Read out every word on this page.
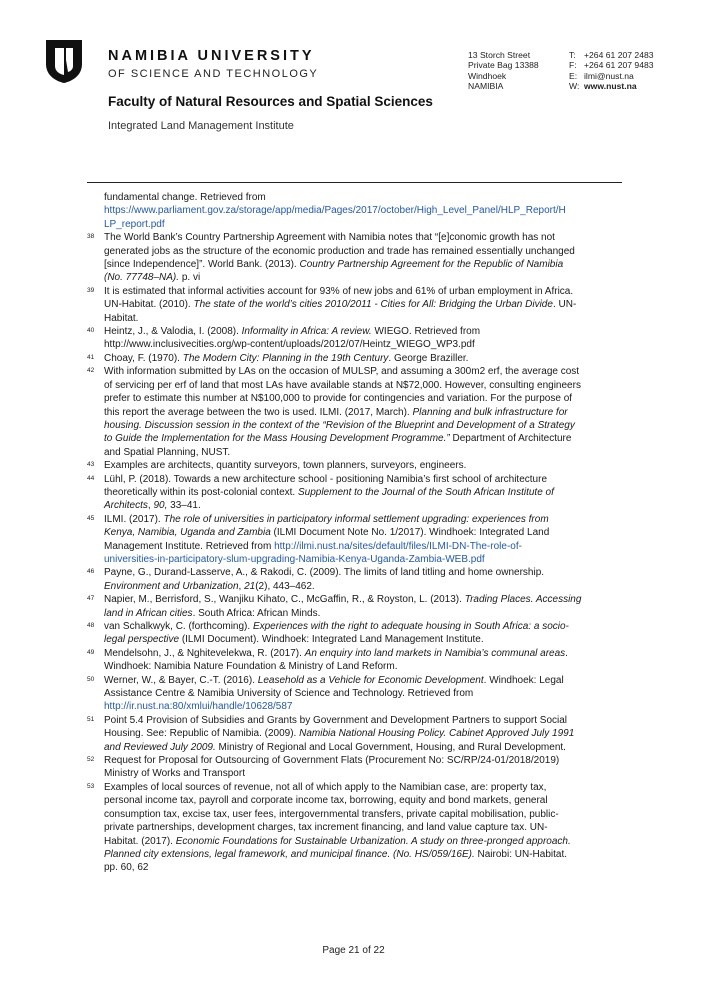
NAMIBIA UNIVERSITY
OF SCIENCE AND TECHNOLOGY
Faculty of Natural Resources and Spatial Sciences
Integrated Land Management Institute
13 Storch Street
Private Bag 13388
Windhoek
NAMIBIA
T: +264 61 207 2483
F: +264 61 207 9483
E: ilmi@nust.na
W: www.nust.na
fundamental change. Retrieved from
https://www.parliament.gov.za/storage/app/media/Pages/2017/october/High_Level_Panel/HLP_Report/H
LP_report.pdf
38 The World Bank’s Country Partnership Agreement with Namibia notes that “[e]conomic growth has not
generated jobs as the structure of the economic production and trade has remained essentially unchanged
[since Independence]”. World Bank. (2013). Country Partnership Agreement for the Republic of Namibia
(No. 77748–NA). p. vi
39 It is estimated that informal activities account for 93% of new jobs and 61% of urban employment in Africa.
UN-Habitat. (2010). The state of the world’s cities 2010/2011 - Cities for All: Bridging the Urban Divide. UN-
Habitat.
40 Heintz, J., & Valodia, I. (2008). Informality in Africa: A review. WIEGO. Retrieved from
http://www.inclusivecities.org/wp-content/uploads/2012/07/Heintz_WIEGO_WP3.pdf
41 Choay, F. (1970). The Modern City: Planning in the 19th Century. George Braziller.
42 With information submitted by LAs on the occasion of MULSP, and assuming a 300m2 erf, the average cost
of servicing per erf of land that most LAs have available stands at N$72,000. However, consulting engineers
prefer to estimate this number at N$100,000 to provide for contingencies and variation. For the purpose of
this report the average between the two is used. ILMI. (2017, March). Planning and bulk infrastructure for
housing. Discussion session in the context of the “Revision of the Blueprint and Development of a Strategy
to Guide the Implementation for the Mass Housing Development Programme.” Department of Architecture
and Spatial Planning, NUST.
43 Examples are architects, quantity surveyors, town planners, surveyors, engineers.
44 Lühl, P. (2018). Towards a new architecture school - positioning Namibia’s first school of architecture
theoretically within its post-colonial context. Supplement to the Journal of the South African Institute of
Architects, 90, 33–41.
45 ILMI. (2017). The role of universities in participatory informal settlement upgrading: experiences from
Kenya, Namibia, Uganda and Zambia (ILMI Document Note No. 1/2017). Windhoek: Integrated Land
Management Institute. Retrieved from http://ilmi.nust.na/sites/default/files/ILMI-DN-The-role-of-
universities-in-participatory-slum-upgrading-Namibia-Kenya-Uganda-Zambia-WEB.pdf
46 Payne, G., Durand-Lasserve, A., & Rakodi, C. (2009). The limits of land titling and home ownership.
Environment and Urbanization, 21(2), 443–462.
47 Napier, M., Berrisford, S., Wanjiku Kihato, C., McGaffin, R., & Royston, L. (2013). Trading Places. Accessing
land in African cities. South Africa: African Minds.
48 van Schalkwyk, C. (forthcoming). Experiences with the right to adequate housing in South Africa: a socio-
legal perspective (ILMI Document). Windhoek: Integrated Land Management Institute.
49 Mendelsohn, J., & Nghitevelekwa, R. (2017). An enquiry into land markets in Namibia’s communal areas.
Windhoek: Namibia Nature Foundation & Ministry of Land Reform.
50 Werner, W., & Bayer, C.-T. (2016). Leasehold as a Vehicle for Economic Development. Windhoek: Legal
Assistance Centre & Namibia University of Science and Technology. Retrieved from
http://ir.nust.na:80/xmlui/handle/10628/587
51 Point 5.4 Provision of Subsidies and Grants by Government and Development Partners to support Social
Housing. See: Republic of Namibia. (2009). Namibia National Housing Policy. Cabinet Approved July 1991
and Reviewed July 2009. Ministry of Regional and Local Government, Housing, and Rural Development.
52 Request for Proposal for Outsourcing of Government Flats (Procurement No: SC/RP/24-01/2018/2019)
Ministry of Works and Transport
53 Examples of local sources of revenue, not all of which apply to the Namibian case, are: property tax,
personal income tax, payroll and corporate income tax, borrowing, equity and bond markets, general
consumption tax, excise tax, user fees, intergovernmental transfers, private capital mobilisation, public-
private partnerships, development charges, tax increment financing, and land value capture tax. UN-
Habitat. (2017). Economic Foundations for Sustainable Urbanization. A study on three-pronged approach.
Planned city extensions, legal framework, and municipal finance. (No. HS/059/16E). Nairobi: UN-Habitat.
pp. 60, 62
Page 21 of 22
